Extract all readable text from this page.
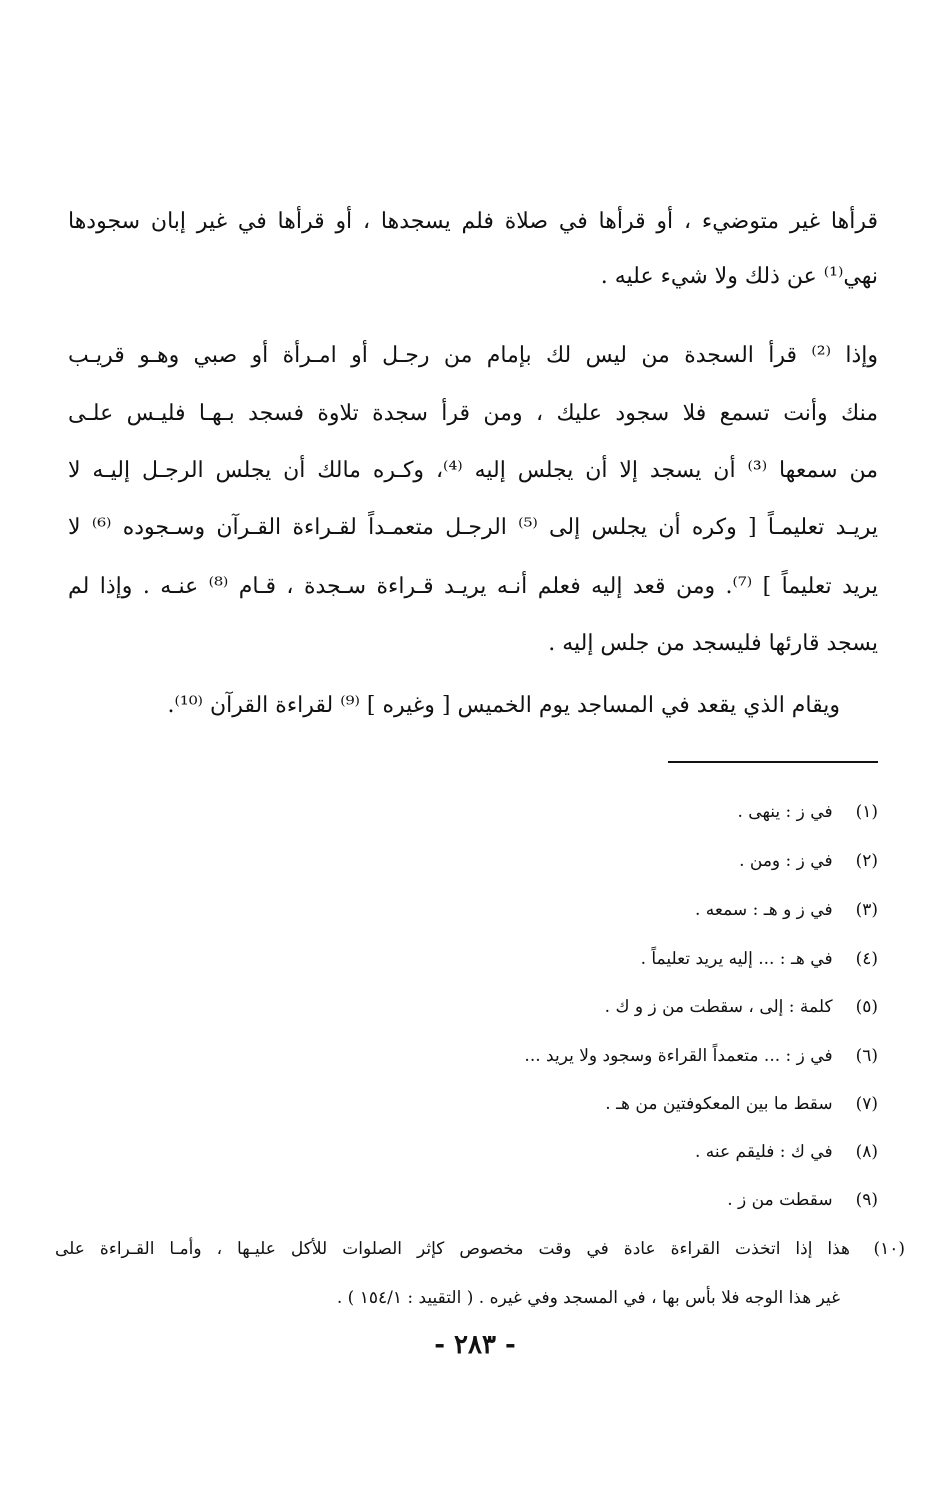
قرأها غير متوضيء ، أو قرأها في صلاة فلم يسجدها ، أو قرأها في غير إبان سجودها
نهي⁽¹⁾ عن ذلك ولا شيء عليه .
وإذا ⁽²⁾ قرأ السجدة من ليس لك بإمام من رجـل أو امـرأة أو صبي وهـو قريـب
منك وأنت تسمع فلا سجود عليك ، ومن قرأ سجدة تلاوة فسجد بـهـا فليـس علـى
من سمعها ⁽³⁾ أن يسجد إلا أن يجلس إليه ⁽⁴⁾، وكـره مالك أن يجلس الرجـل إليـه لا
يريـد تعليمـاً [ وكره أن يجلس إلى ⁽⁵⁾ الرجـل متعمـداً لقـراءة القـرآن وسـجوده ⁽⁶⁾ لا
يريد تعليماً ] ⁽⁷⁾. ومن قعد إليه فعلم أنـه يريـد قـراءة سـجدة ، قـام ⁽⁸⁾ عنـه . وإذا لم
يسجد قارئها فليسجد من جلس إليه .
ويقام الذي يقعد في المساجد يوم الخميس [ وغيره ] ⁽⁹⁾ لقراءة القرآن ⁽¹⁰⁾.
(١) في ز : ينهى .
(٢) في ز : ومن .
(٣) في ز و هـ : سمعه .
(٤) في هـ : ... إليه يريد تعليماً .
(٥) كلمة : إلى ، سقطت من ز و ك .
(٦) في ز : ... متعمداً القراءة وسجود ولا يريد ...
(٧) سقط ما بين المعكوفتين من هـ .
(٨) في ك : فليقم عنه .
(٩) سقطت من ز .
(١٠) هذا إذا اتخذت القراءة عادة في وقت مخصوص كإثر الصلوات للأكل عليـها ، وأمـا القـراءة على
غير هذا الوجه فلا بأس بها ، في المسجد وفي غيره . ( التقييد : ١٥٤/١ ) .
- ٢٨٣ -
